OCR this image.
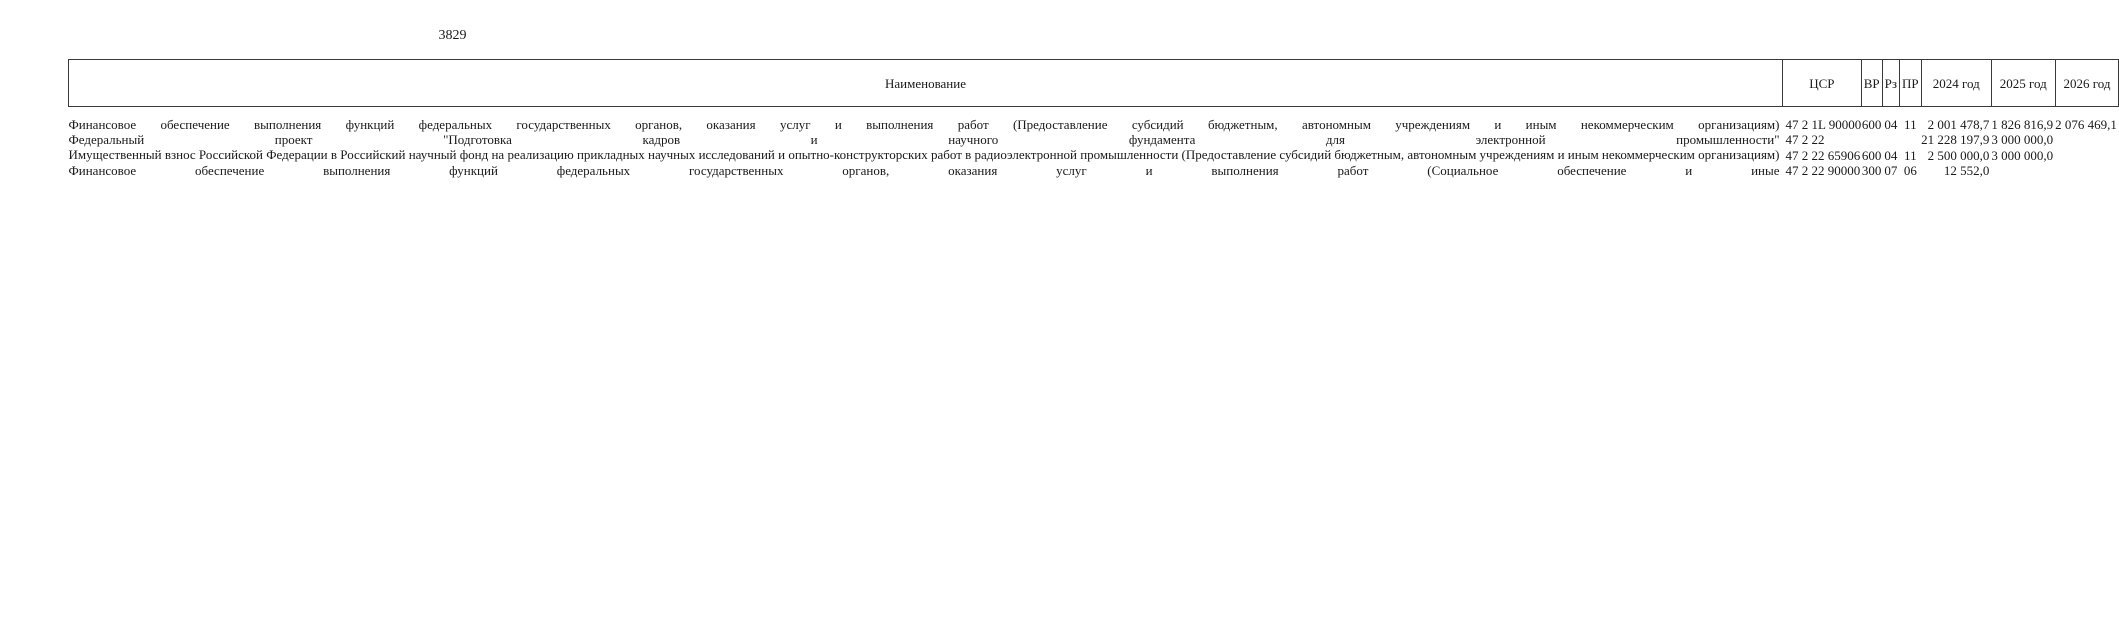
3829
Наименование	ЦСР	ВР	Рз	ПР	2024 год	2025 год	2026 год
Финансовое обеспечение выполнения функций федеральных государственных органов, оказания услуг и выполнения работ (Предоставление субсидий бюджетным, автономным учреждениям и иным некоммерческим организациям)	47 2 1L 90000	600	04	11	2 001 478,7	1 826 816,9	2 076 469,1
Федеральный проект "Подготовка кадров и научного фундамента для электронной промышленности"	47 2 22				21 228 197,9	3 000 000,0	
Имущественный взнос Российской Федерации в Российский научный фонд на реализацию прикладных научных исследований и опытно-конструкторских работ в радиоэлектронной промышленности (Предоставление субсидий бюджетным, автономным учреждениям и иным некоммерческим организациям)	47 2 22 65906	600	04	11	2 500 000,0	3 000 000,0	
Финансовое обеспечение выполнения функций федеральных государственных органов, оказания услуг и выполнения работ (Социальное обеспечение и иные	47 2 22 90000	300	07	06	12 552,0		
